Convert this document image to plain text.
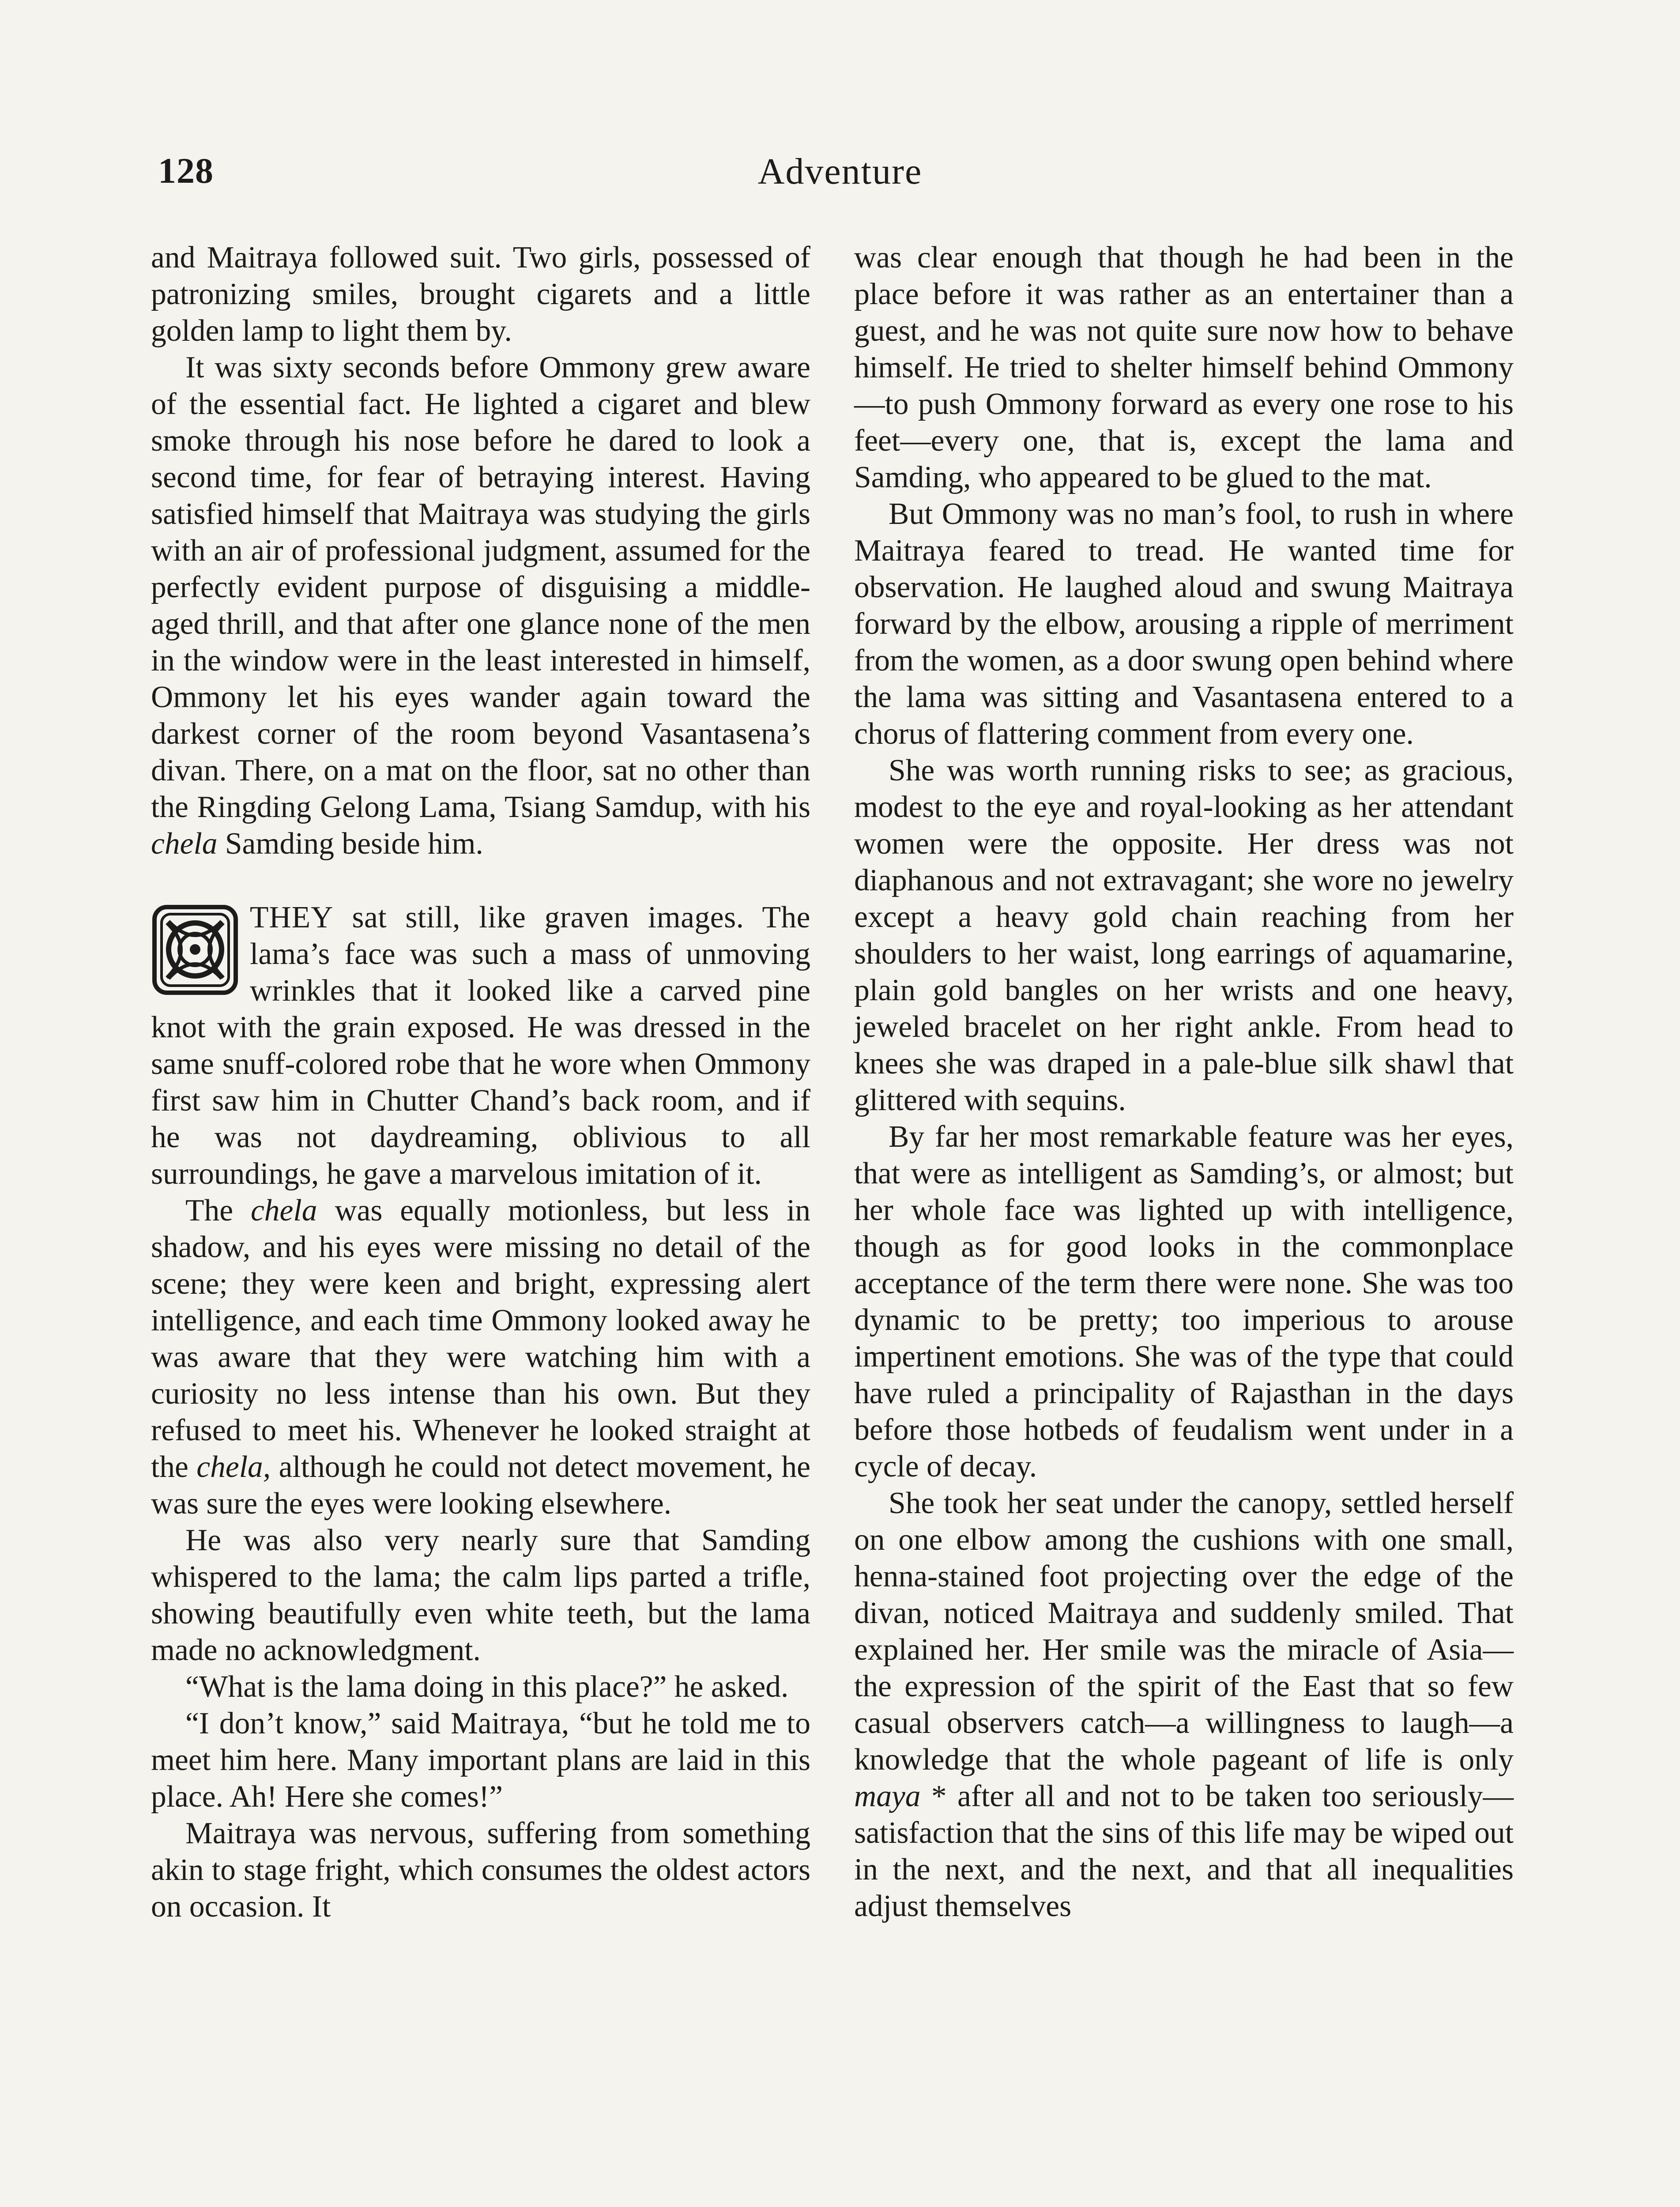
128	Adventure

and Maitraya followed suit. Two girls, possessed of patronizing smiles, brought cigarets and a little golden lamp to light them by.

It was sixty seconds before Ommony grew aware of the essential fact. He lighted a cigaret and blew smoke through his nose before he dared to look a second time, for fear of betraying interest. Having satisfied himself that Maitraya was studying the girls with an air of professional judgment, assumed for the perfectly evident purpose of disguising a middle-aged thrill, and that after one glance none of the men in the window were in the least interested in himself, Ommony let his eyes wander again toward the darkest corner of the room beyond Vasantasena’s divan. There, on a mat on the floor, sat no other than the Ringding Gelong Lama, Tsiang Samdup, with his chela Samding beside him.

THEY sat still, like graven images. The lama’s face was such a mass of unmoving wrinkles that it looked like a carved pine knot with the grain exposed. He was dressed in the same snuff-colored robe that he wore when Ommony first saw him in Chutter Chand’s back room, and if he was not daydreaming, oblivious to all surroundings, he gave a marvelous imitation of it.

The chela was equally motionless, but less in shadow, and his eyes were missing no detail of the scene; they were keen and bright, expressing alert intelligence, and each time Ommony looked away he was aware that they were watching him with a curiosity no less intense than his own. But they refused to meet his. Whenever he looked straight at the chela, although he could not detect movement, he was sure the eyes were looking elsewhere.

He was also very nearly sure that Samding whispered to the lama; the calm lips parted a trifle, showing beautifully even white teeth, but the lama made no acknowledgment.

“What is the lama doing in this place?” he asked.

“I don’t know,” said Maitraya, “but he told me to meet him here. Many important plans are laid in this place. Ah! Here she comes!”

Maitraya was nervous, suffering from something akin to stage fright, which consumes the oldest actors on occasion. It

was clear enough that though he had been in the place before it was rather as an entertainer than a guest, and he was not quite sure now how to behave himself. He tried to shelter himself behind Ommony—to push Ommony forward as every one rose to his feet—every one, that is, except the lama and Samding, who appeared to be glued to the mat.

But Ommony was no man’s fool, to rush in where Maitraya feared to tread. He wanted time for observation. He laughed aloud and swung Maitraya forward by the elbow, arousing a ripple of merriment from the women, as a door swung open behind where the lama was sitting and Vasantasena entered to a chorus of flattering comment from every one.

She was worth running risks to see; as gracious, modest to the eye and royal-looking as her attendant women were the opposite. Her dress was not diaphanous and not extravagant; she wore no jewelry except a heavy gold chain reaching from her shoulders to her waist, long earrings of aquamarine, plain gold bangles on her wrists and one heavy, jeweled bracelet on her right ankle. From head to knees she was draped in a pale-blue silk shawl that glittered with sequins.

By far her most remarkable feature was her eyes, that were as intelligent as Samding’s, or almost; but her whole face was lighted up with intelligence, though as for good looks in the commonplace acceptance of the term there were none. She was too dynamic to be pretty; too imperious to arouse impertinent emotions. She was of the type that could have ruled a principality of Rajasthan in the days before those hotbeds of feudalism went under in a cycle of decay.

She took her seat under the canopy, settled herself on one elbow among the cushions with one small, henna-stained foot projecting over the edge of the divan, noticed Maitraya and suddenly smiled. That explained her. Her smile was the miracle of Asia—the expression of the spirit of the East that so few casual observers catch—a willingness to laugh—a knowledge that the whole pageant of life is only maya * after all and not to be taken too seriously—satisfaction that the sins of this life may be wiped out in the next, and the next, and that all inequalities adjust themselves
